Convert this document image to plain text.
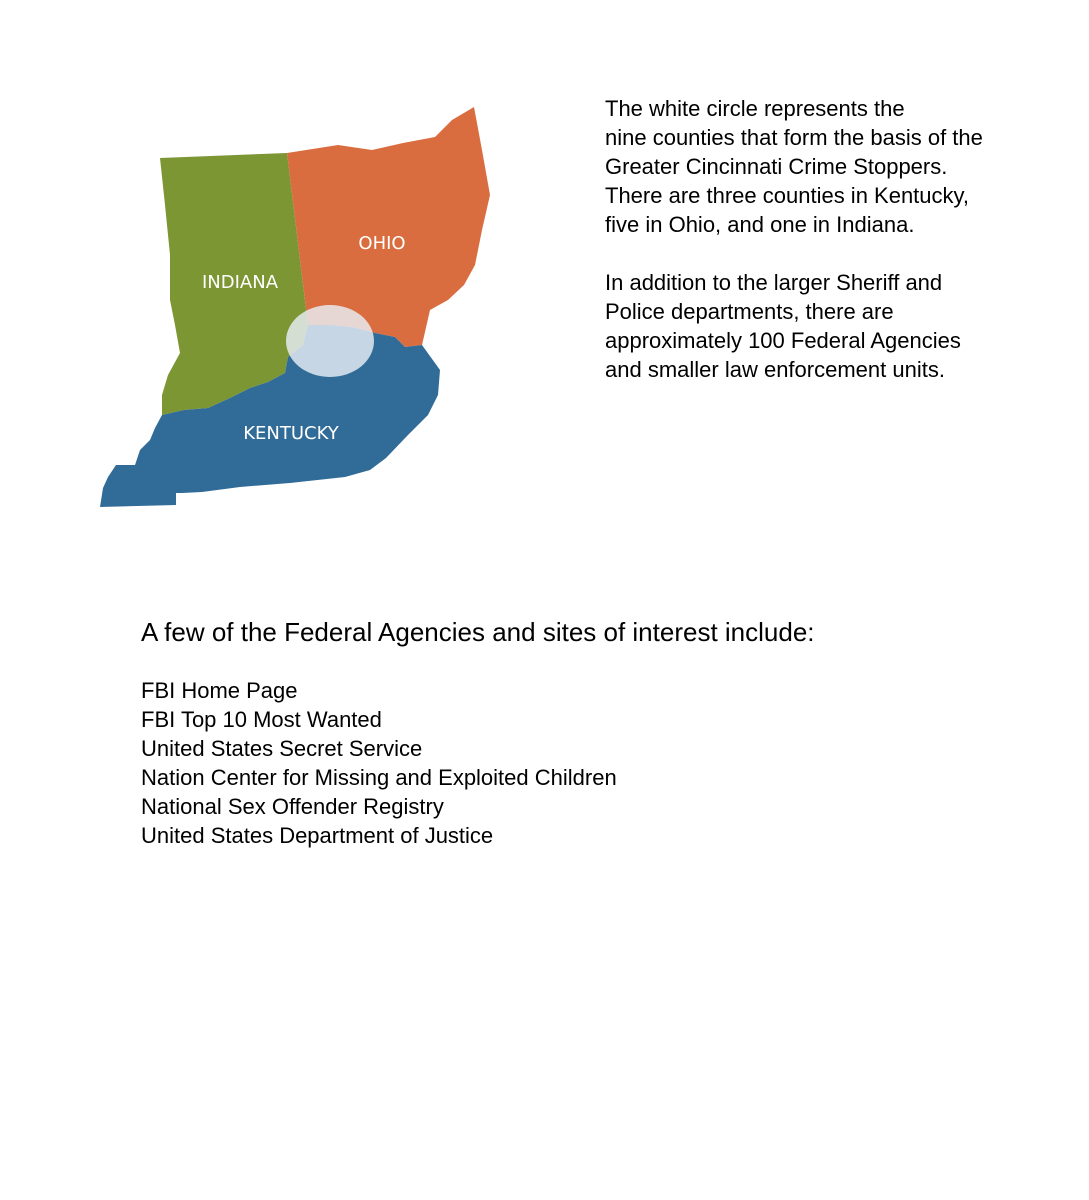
INDIANA
OHIO
KENTUCKY

The white circle represents the
nine counties that form the basis of the
Greater Cincinnati Crime Stoppers.
There are three counties in Kentucky,
five in Ohio, and one in Indiana.

In addition to the larger Sheriff and
Police departments, there are
approximately 100 Federal Agencies
and smaller law enforcement units.

A few of the Federal Agencies and sites of interest include:
FBI Home Page
FBI Top 10 Most Wanted
United States Secret Service
Nation Center for Missing and Exploited Children
National Sex Offender Registry
United States Department of Justice
